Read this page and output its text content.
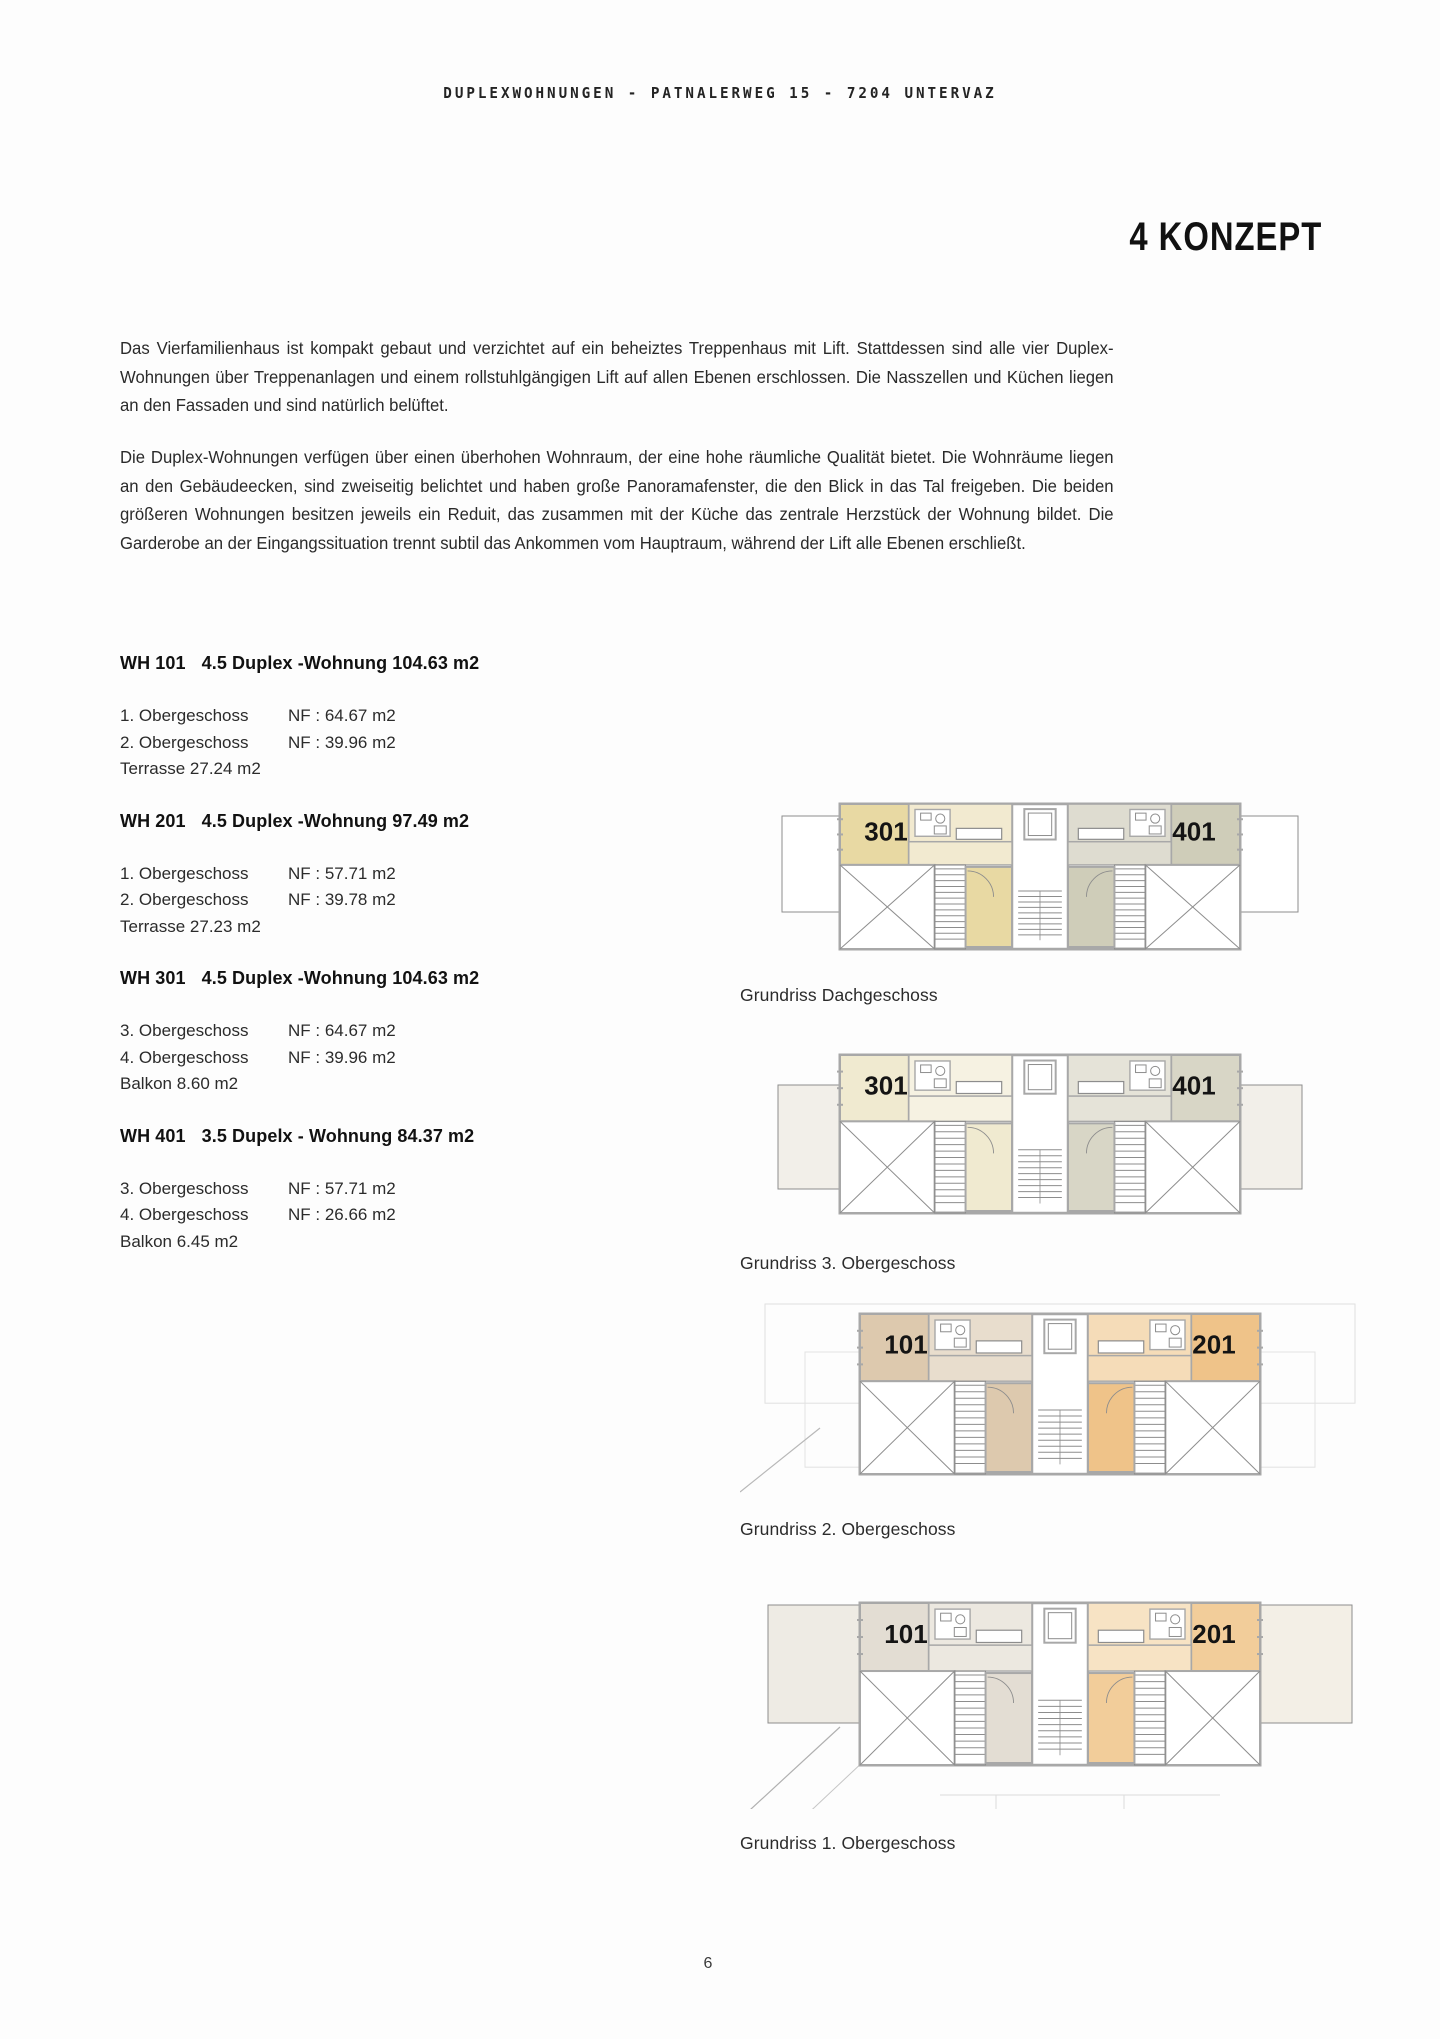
DUPLEXWOHNUNGEN - PATNALERWEG 15 - 7204 UNTERVAZ
4 KONZEPT

Das Vierfamilienhaus ist kompakt gebaut und verzichtet auf ein beheiztes Treppenhaus mit Lift. Stattdessen sind alle vier Duplex-Wohnungen über Treppenanlagen und einem rollstuhlgängigen Lift auf allen Ebenen erschlossen. Die Nasszellen und Küchen liegen an den Fassaden und sind natürlich belüftet.

Die Duplex-Wohnungen verfügen über einen überhohen Wohnraum, der eine hohe räumliche Qualität bietet. Die Wohnräume liegen an den Gebäudeecken, sind zweiseitig belichtet und haben große Panoramafenster, die den Blick in das Tal freigeben. Die beiden größeren Wohnungen besitzen jeweils ein Reduit, das zusammen mit der Küche das zentrale Herzstück der Wohnung bildet. Die Garderobe an der Eingangssituation trennt subtil das Ankommen vom Hauptraum, während der Lift alle Ebenen erschließt.

WH 101 4.5 Duplex -Wohnung 104.63 m2
1. Obergeschoss	NF : 64.67 m2
2. Obergeschoss	NF : 39.96 m2
Terrasse 27.24 m2
WH 201 4.5 Duplex -Wohnung 97.49 m2
1. Obergeschoss	NF : 57.71 m2
2. Obergeschoss	NF : 39.78 m2
Terrasse 27.23 m2
WH 301 4.5 Duplex -Wohnung 104.63 m2
3. Obergeschoss	NF : 64.67 m2
4. Obergeschoss	NF : 39.96 m2
Balkon 8.60 m2
WH 401 3.5 Dupelx - Wohnung 84.37 m2
3. Obergeschoss	NF : 57.71 m2
4. Obergeschoss	NF : 26.66 m2
Balkon 6.45 m2
301	401
Grundriss Dachgeschoss
301	401
Grundriss 3. Obergeschoss
101	201
Grundriss 2. Obergeschoss
101	201
Grundriss 1. Obergeschoss
6
